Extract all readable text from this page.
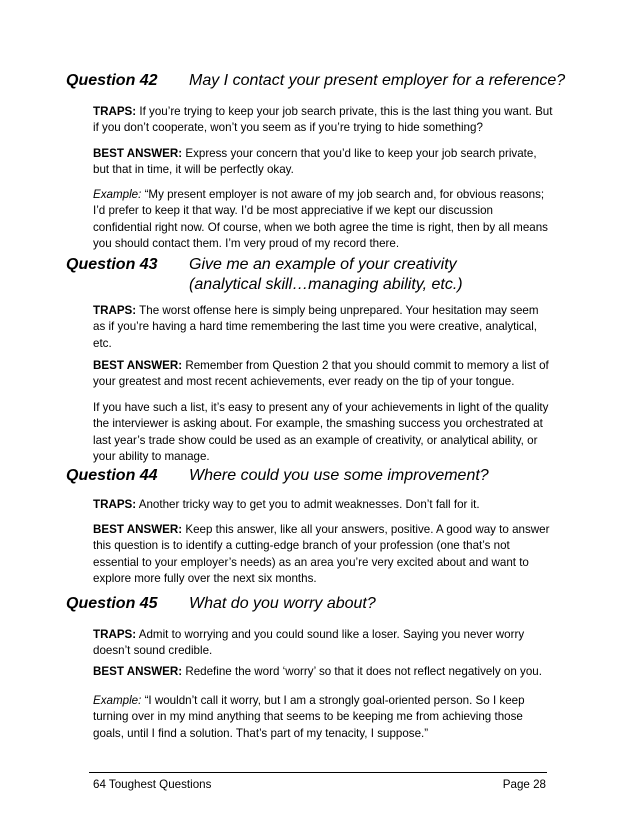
Question 42 May I contact your present employer for a reference?
TRAPS: If you’re trying to keep your job search private, this is the last thing you want. But if you don’t cooperate, won’t you seem as if you’re trying to hide something?
BEST ANSWER: Express your concern that you’d like to keep your job search private, but that in time, it will be perfectly okay.
Example: “My present employer is not aware of my job search and, for obvious reasons; I’d prefer to keep it that way. I’d be most appreciative if we kept our discussion confidential right now. Of course, when we both agree the time is right, then by all means you should contact them. I’m very proud of my record there.
Question 43 Give me an example of your creativity (analytical skill…managing ability, etc.)
TRAPS: The worst offense here is simply being unprepared. Your hesitation may seem as if you’re having a hard time remembering the last time you were creative, analytical, etc.
BEST ANSWER: Remember from Question 2 that you should commit to memory a list of your greatest and most recent achievements, ever ready on the tip of your tongue.
If you have such a list, it’s easy to present any of your achievements in light of the quality the interviewer is asking about. For example, the smashing success you orchestrated at last year’s trade show could be used as an example of creativity, or analytical ability, or your ability to manage.
Question 44 Where could you use some improvement?
TRAPS: Another tricky way to get you to admit weaknesses. Don’t fall for it.
BEST ANSWER: Keep this answer, like all your answers, positive. A good way to answer this question is to identify a cutting-edge branch of your profession (one that’s not essential to your employer’s needs) as an area you’re very excited about and want to explore more fully over the next six months.
Question 45 What do you worry about?
TRAPS: Admit to worrying and you could sound like a loser. Saying you never worry doesn’t sound credible.
BEST ANSWER: Redefine the word ‘worry’ so that it does not reflect negatively on you.
Example: “I wouldn’t call it worry, but I am a strongly goal-oriented person. So I keep turning over in my mind anything that seems to be keeping me from achieving those goals, until I find a solution. That’s part of my tenacity, I suppose.”
64 Toughest Questions	Page 28
